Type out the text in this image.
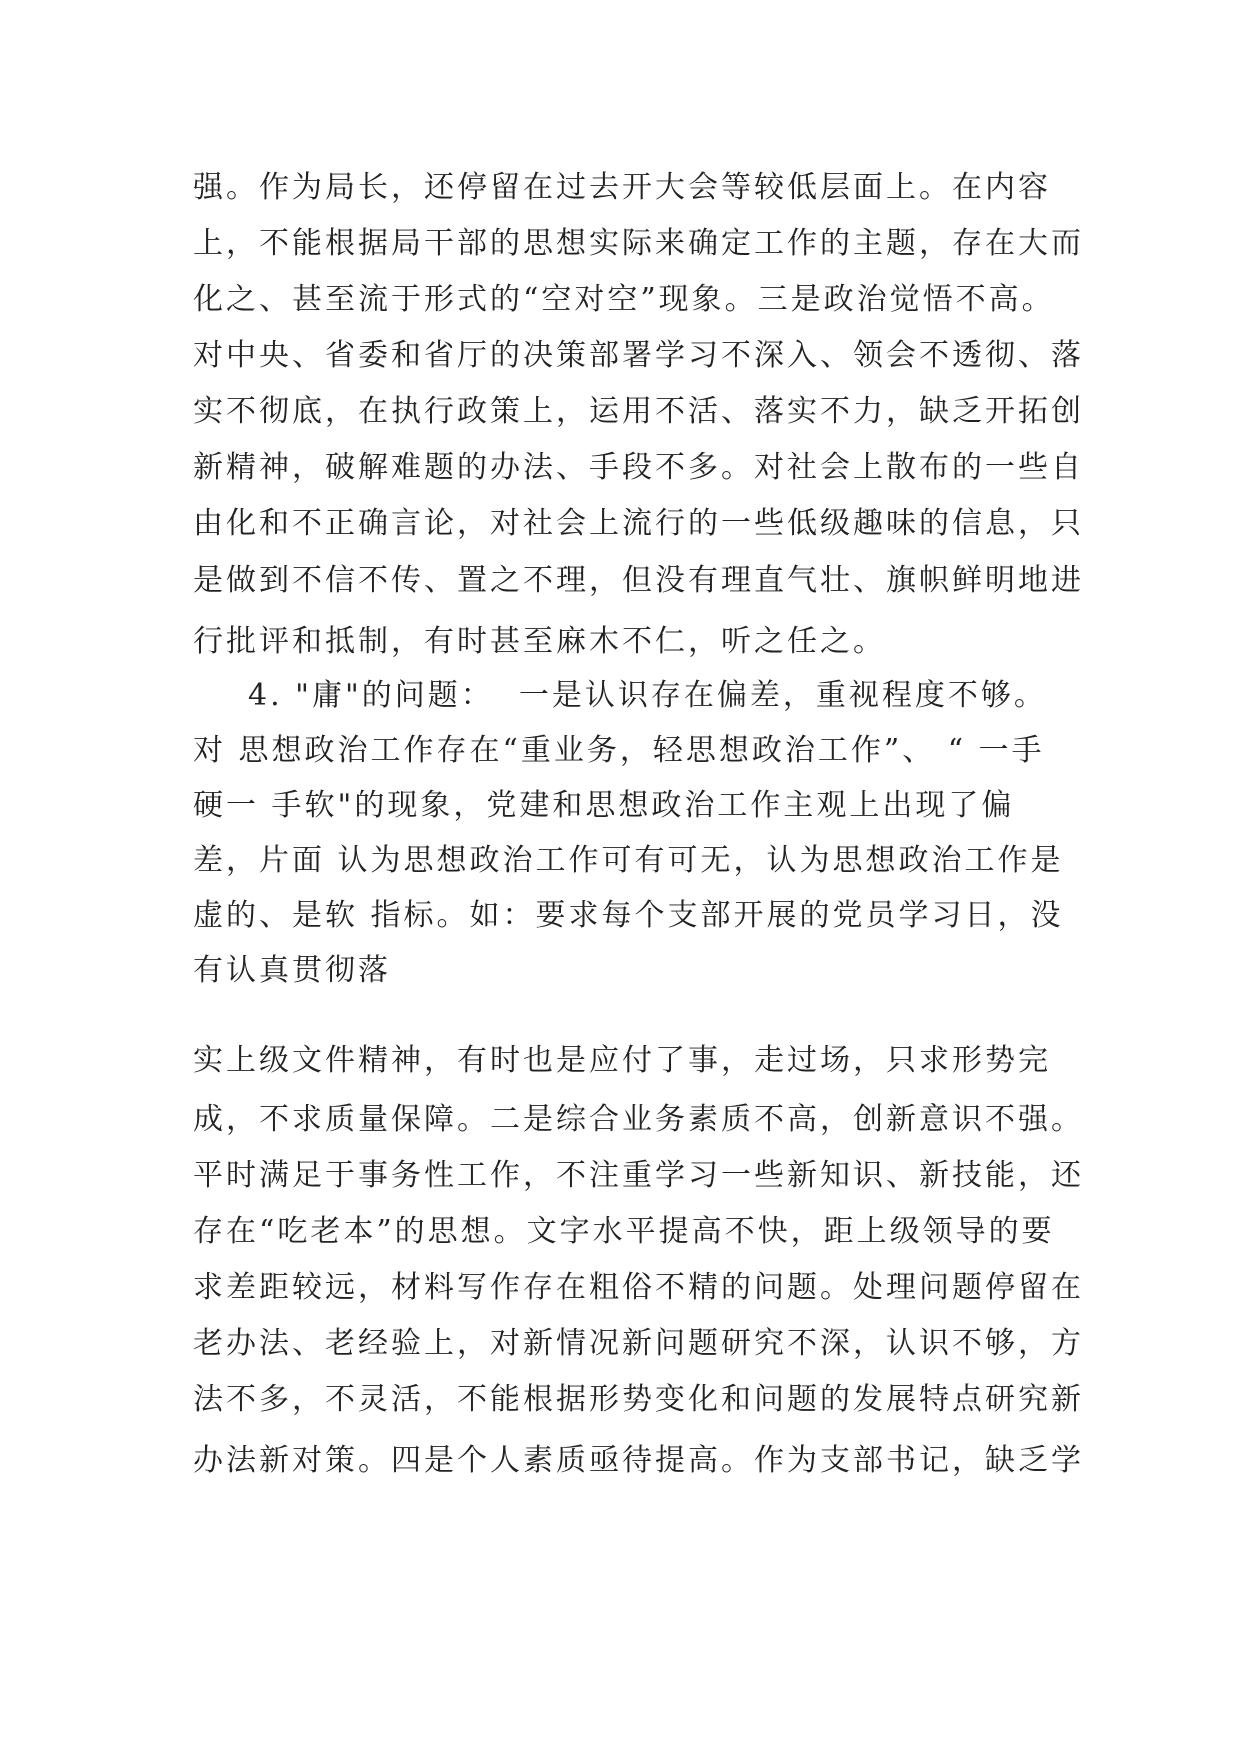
强。作为局长，还停留在过去开大会等较低层面上。在内容
上，不能根据局干部的思想实际来确定工作的主题，存在大而
化之、甚至流于形式的“空对空”现象。三是政治觉悟不高。
对中央、省委和省厅的决策部署学习不深入、领会不透彻、落
实不彻底，在执行政策上，运用不活、落实不力，缺乏开拓创
新精神，破解难题的办法、手段不多。对社会上散布的一些自
由化和不正确言论，对社会上流行的一些低级趣味的信息，只
是做到不信不传、置之不理，但没有理直气壮、旗帜鲜明地进
行批评和抵制，有时甚至麻木不仁，听之任之。
4. "庸"的问题：  一是认识存在偏差，重视程度不够。
对 思想政治工作存在“重业务，轻思想政治工作”、 “ 一手
硬一 手软"的现象，党建和思想政治工作主观上出现了偏
差，片面 认为思想政治工作可有可无，认为思想政治工作是
虚的、是软 指标。如：要求每个支部开展的党员学习日，没
有认真贯彻落
实上级文件精神，有时也是应付了事，走过场，只求形势完
成，不求质量保障。二是综合业务素质不高，创新意识不强。
平时满足于事务性工作，不注重学习一些新知识、新技能，还
存在“吃老本”的思想。文字水平提高不快，距上级领导的要
求差距较远，材料写作存在粗俗不精的问题。处理问题停留在
老办法、老经验上，对新情况新问题研究不深，认识不够，方
法不多，不灵活，不能根据形势变化和问题的发展特点研究新
办法新对策。四是个人素质亟待提高。作为支部书记，缺乏学
